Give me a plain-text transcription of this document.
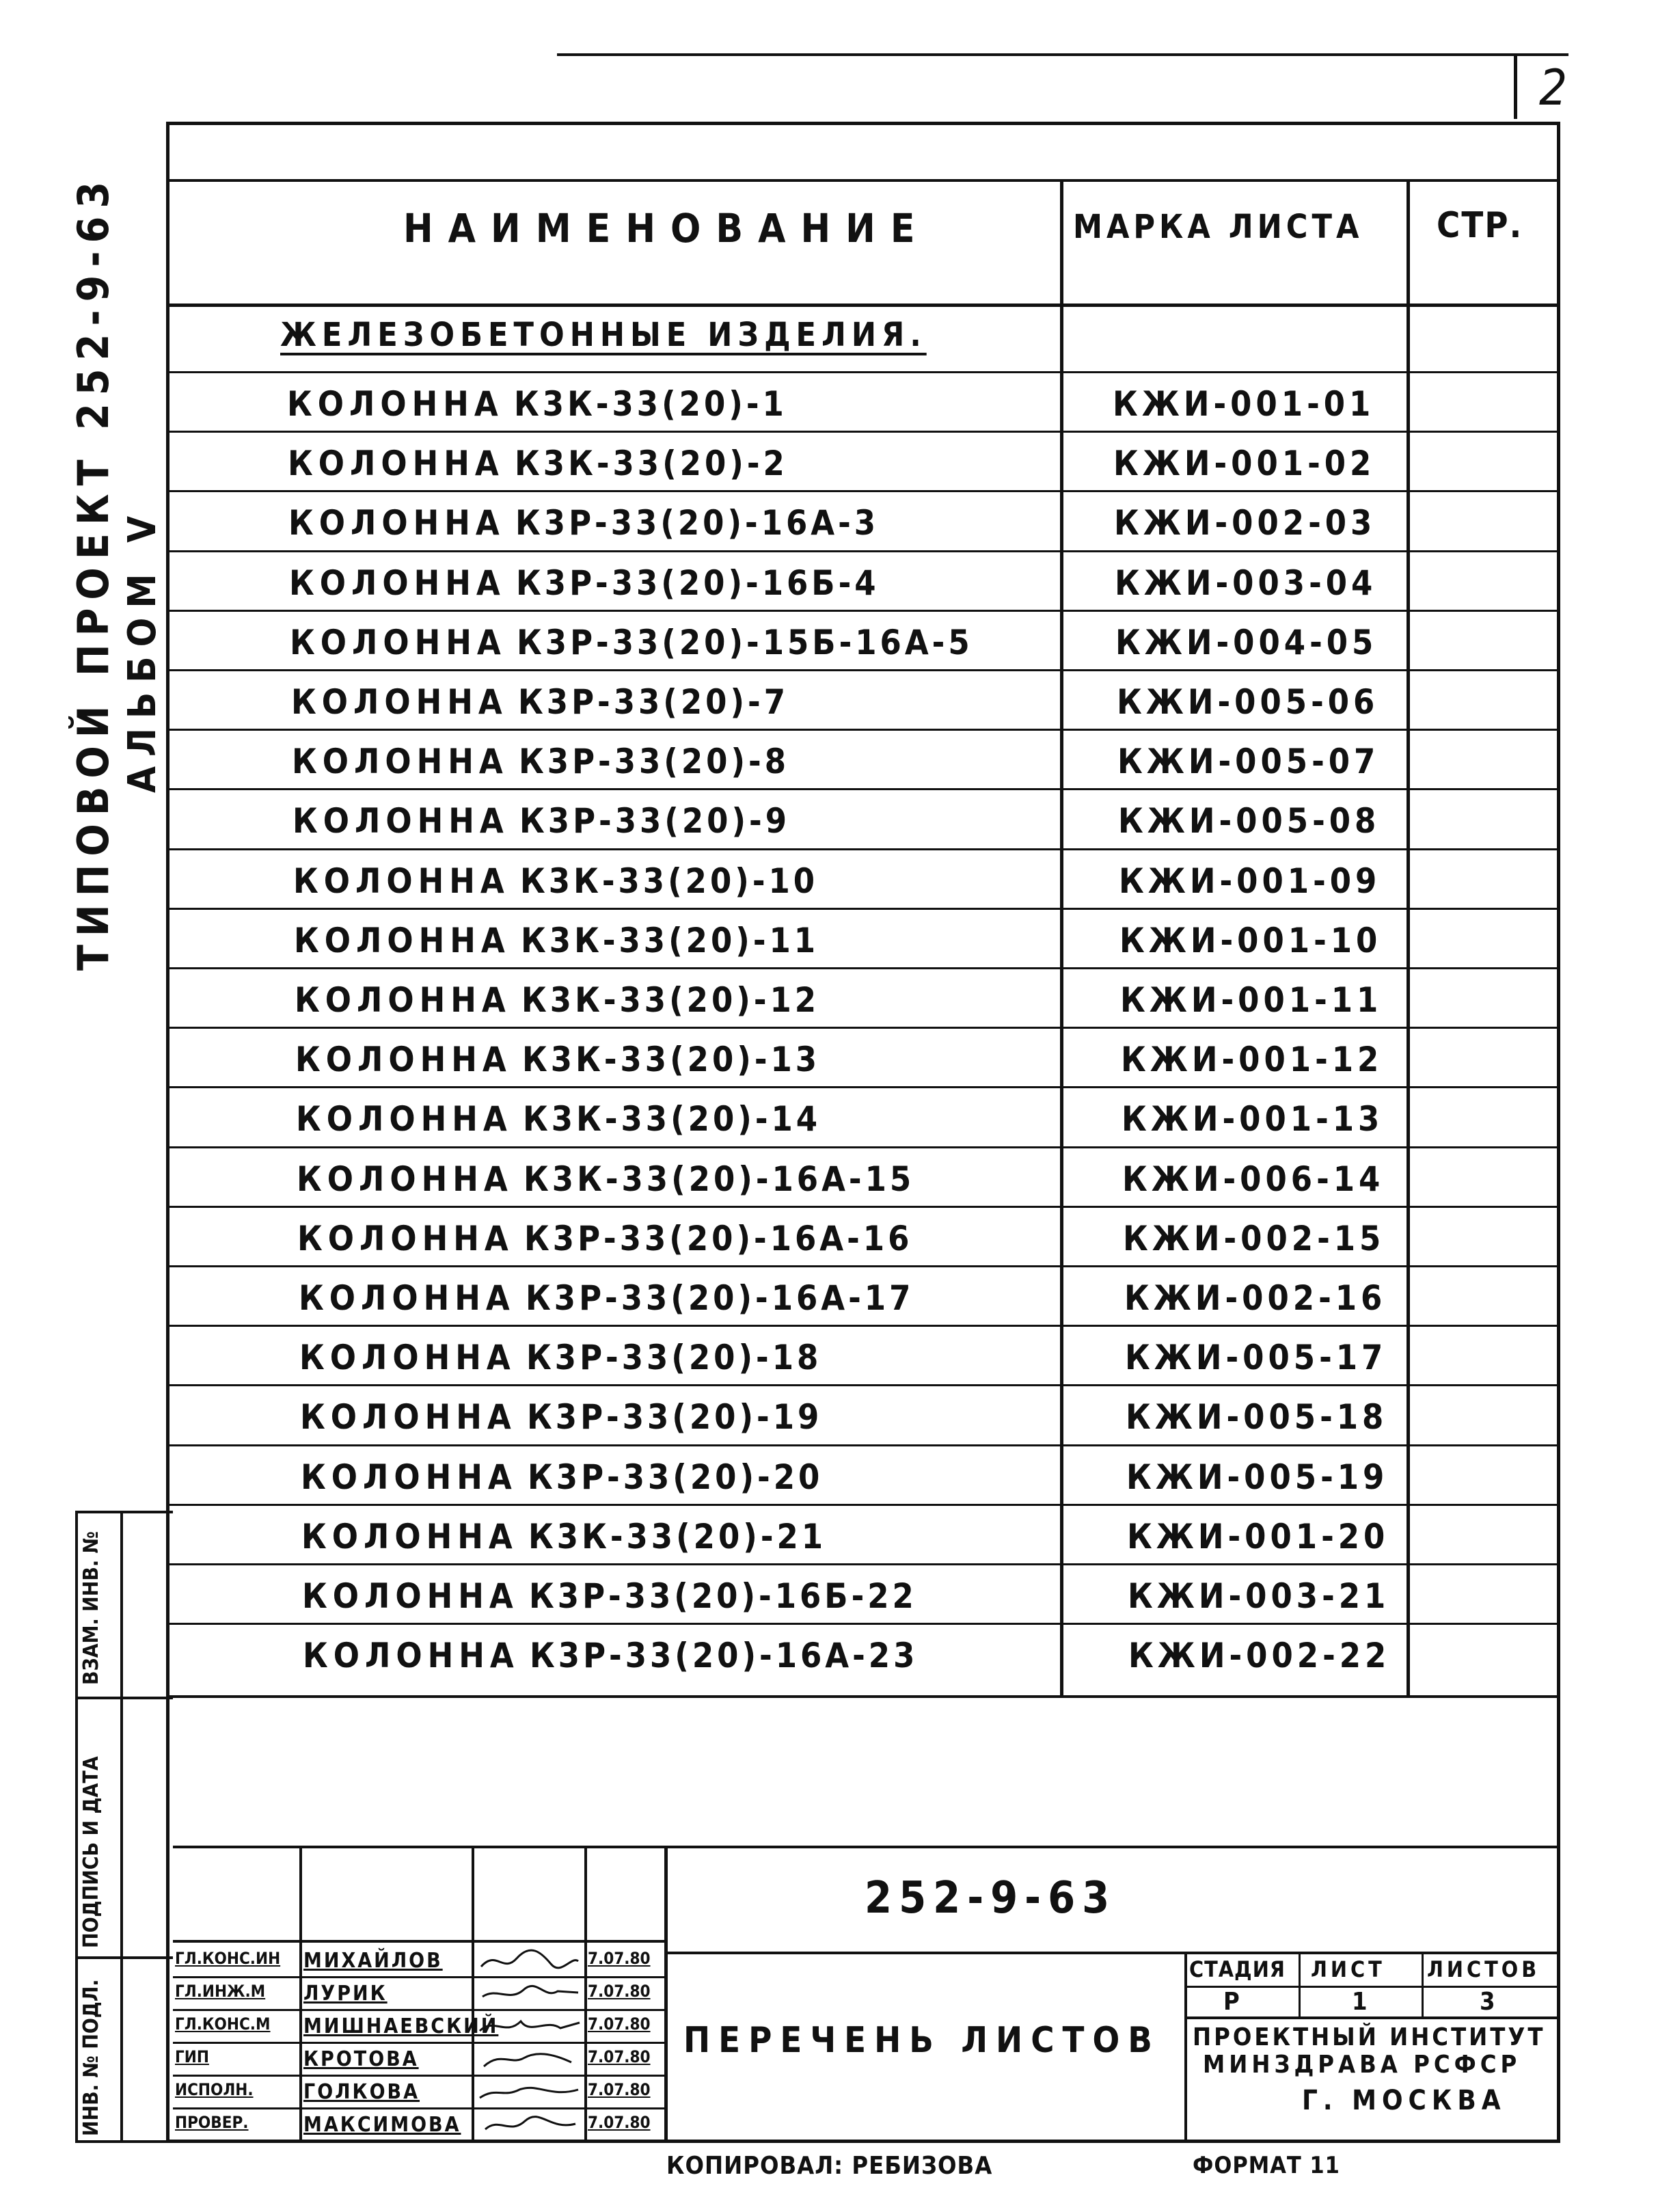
2
НАИМЕНОВАНИЕ	МАРКА ЛИСТА СТР.
ЖЕЛЕЗОБЕТОННЫЕ ИЗДЕЛИЯ.
КОЛОННА К3К-33(20)-1	КЖИ-001-01
КОЛОННА К3К-33(20)-2	КЖИ-001-02
КОЛОННА К3Р-33(20)-16А-3	КЖИ-002-03
КОЛОННА К3Р-33(20)-16Б-4	КЖИ-003-04
КОЛОННА К3Р-33(20)-15Б-16А-5	КЖИ-004-05
КОЛОННА К3Р-33(20)-7	КЖИ-005-06
КОЛОННА К3Р-33(20)-8	КЖИ-005-07
КОЛОННА К3Р-33(20)-9	КЖИ-005-08
КОЛОННА К3К-33(20)-10	КЖИ-001-09
КОЛОННА К3К-33(20)-11	КЖИ-001-10
КОЛОННА К3К-33(20)-12	КЖИ-001-11
КОЛОННА К3К-33(20)-13	КЖИ-001-12
КОЛОННА К3К-33(20)-14	КЖИ-001-13
КОЛОННА К3К-33(20)-16А-15	КЖИ-006-14
КОЛОННА К3Р-33(20)-16А-16	КЖИ-002-15
КОЛОННА К3Р-33(20)-16А-17	КЖИ-002-16
КОЛОННА К3Р-33(20)-18	КЖИ-005-17
КОЛОННА К3Р-33(20)-19	КЖИ-005-18
КОЛОННА К3Р-33(20)-20	КЖИ-005-19
КОЛОННА К3К-33(20)-21	КЖИ-001-20
КОЛОННА К3Р-33(20)-16Б-22	КЖИ-003-21
КОЛОННА К3Р-33(20)-16А-23	КЖИ-002-22
ВЗАМ. ИНВ. №
ПОДПИСЬ И ДАТА
ИНВ. № ПОДЛ.
ТИПОВОЙ ПРОЕКТ 252-9-63 АЛЬБОМ Ⅴ
ГЛ.КОНС.ИН МИХАЙЛОВ	7.07.80
ГЛ.ИНЖ.М ЛУРИК	7.07.80
ГЛ.КОНС.М МИШНАЕВСКИЙ	7.07.80
ГИП	КРОТОВА	7.07.80
ИСПОЛН. ГОЛКОВА	7.07.80
ПРОВЕР.	МАКСИМОВА	7.07.80
252-9-63
ПЕРЕЧЕНЬ ЛИСТОВ
СТАДИЯ ЛИСТ ЛИСТОВ
Р	1	3
ПРОЕКТНЫЙ ИНСТИТУТ
МИНЗДРАВА РСФСР
Г. МОСКВА
КОПИРОВАЛ: РЕБИЗОВА	ФОРМАТ 11
